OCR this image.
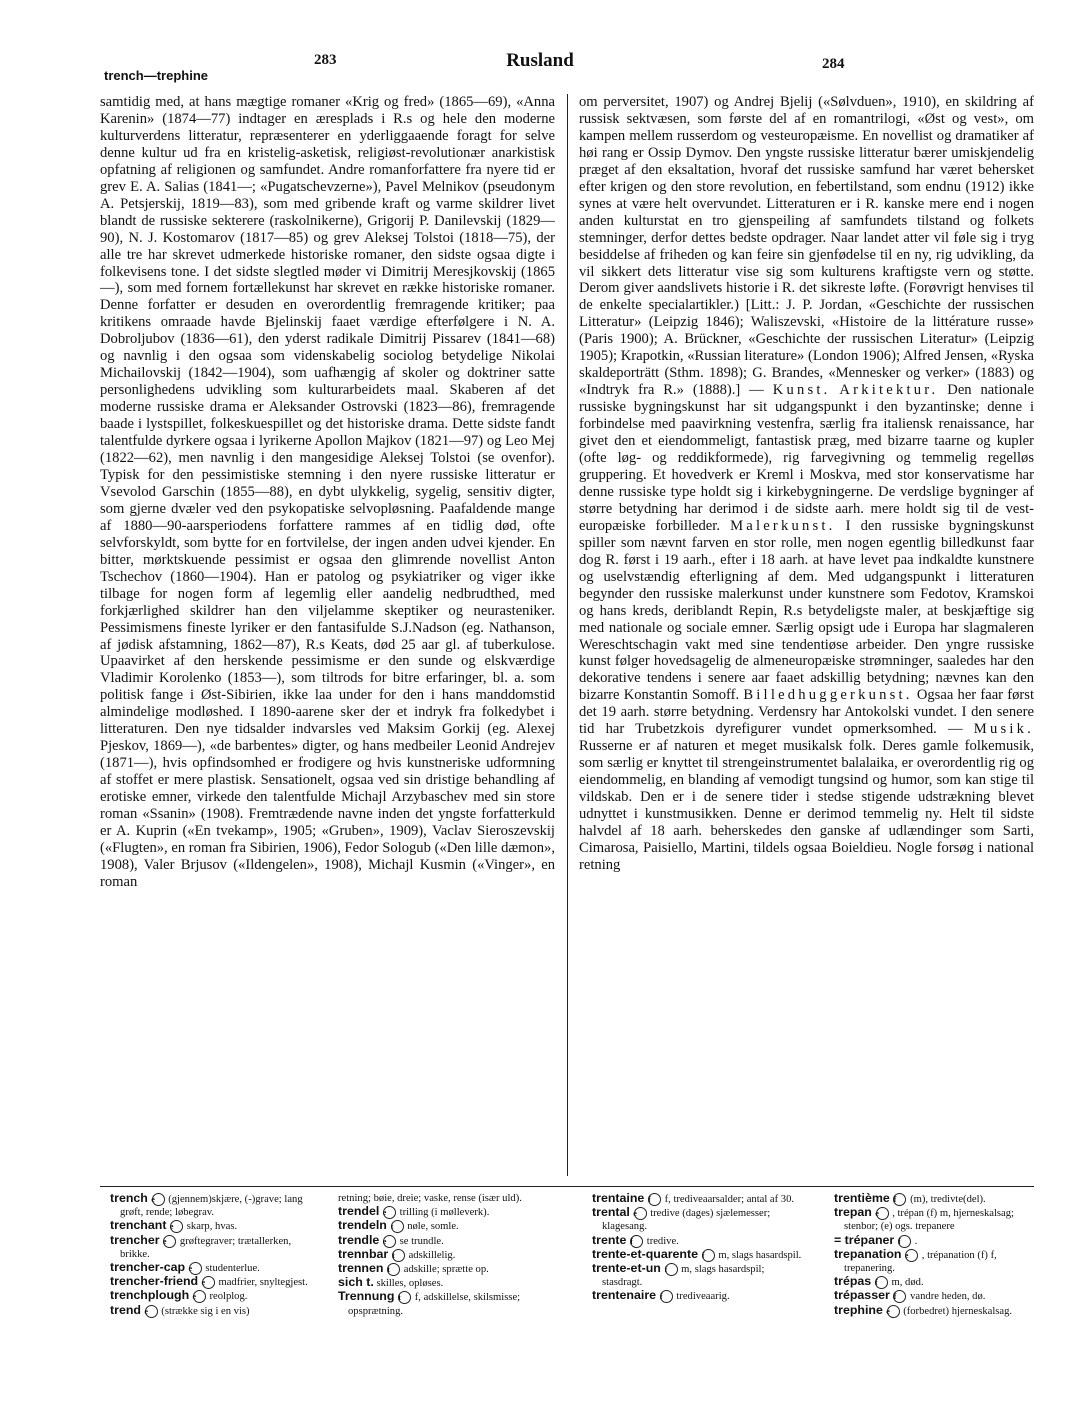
283	Rusland	284
trench—trephine

samtidig med, at hans mægtige romaner «Krig og fred» (1865—69), «Anna Karenin» (1874—77) indtager en æresplads i R.s og hele den moderne kulturverdens litteratur, repræsenterer en yderliggaaende foragt for selve denne kultur ud fra en kristelig-asketisk, religiøst-revolutionær anarkistisk opfatning af religionen og samfundet. Andre romanforfattere fra nyere tid er grev E. A. Salias (1841—; «Pugatschevzerne»), Pavel Melnikov (pseudonym A. Petsjerskij, 1819—83), som med gribende kraft og varme skildrer livet blandt de russiske sekterere (raskolnikerne), Grigorij P. Danilevskij (1829—90), N. J. Kostomarov (1817—85) og grev Aleksej Tolstoi (1818—75), der alle tre har skrevet udmerkede historiske romaner, den sidste ogsaa digte i folkevisens tone. I det sidste slegtled møder vi Dimitrij Meresjkovskij (1865—), som med fornem fortællekunst har skrevet en række historiske romaner. Denne forfatter er desuden en overordentlig fremragende kritiker; paa kritikens omraade havde Bjelinskij faaet værdige efterfølgere i N. A. Dobroljubov (1836—61), den yderst radikale Dimitrij Pissarev (1841—68) og navnlig i den ogsaa som videnskabelig sociolog betydelige Nikolai Michailovskij (1842—1904), som uafhængig af skoler og doktriner satte personlighedens udvikling som kulturarbeidets maal. Skaberen af det moderne russiske drama er Aleksander Ostrovski (1823—86), fremragende baade i lystspillet, folkeskuespillet og det historiske drama. Dette sidste fandt talentfulde dyrkere ogsaa i lyrikerne Apollon Majkov (1821—97) og Leo Mej (1822—62), men navnlig i den mangesidige Aleksej Tolstoi (se ovenfor). Typisk for den pessimistiske stemning i den nyere russiske litteratur er Vsevolod Garschin (1855—88), en dybt ulykkelig, sygelig, sensitiv digter, som gjerne dvæler ved den psykopatiske selvopløsning. Paafaldende mange af 1880—90-aarsperiodens forfattere rammes af en tidlig død, ofte selvforskyldt, som bytte for en fortvilelse, der ingen anden udvei kjender. En bitter, mørktskuende pessimist er ogsaa den glimrende novellist Anton Tschechov (1860—1904). Han er patolog og psykiatriker og viger ikke tilbage for nogen form af legemlig eller aandelig nedbrudthed, med forkjærlighed skildrer han den viljelamme skeptiker og neurasteniker. Pessimismens fineste lyriker er den fantasifulde S.J.Nadson (eg. Nathanson, af jødisk afstamning, 1862—87), R.s Keats, død 25 aar gl. af tuberkulose. Upaavirket af den herskende pessimisme er den sunde og elskværdige Vladimir Korolenko (1853—), som tiltrods for bitre erfaringer, bl. a. som politisk fange i Øst-Sibirien, ikke laa under for den i hans manddomstid almindelige modløshed. I 1890-aarene sker der et indryk fra folkedybet i litteraturen. Den nye tidsalder indvarsles ved Maksim Gorkij (eg. Alexej Pjeskov, 1869—), «de barbentes» digter, og hans medbeiler Leonid Andrejev (1871—), hvis opfindsomhed er frodigere og hvis kunstneriske udformning af stoffet er mere plastisk. Sensationelt, ogsaa ved sin dristige behandling af erotiske emner, virkede den talentfulde Michajl Arzybaschev med sin store roman «Ssanin» (1908). Fremtrædende navne inden det yngste forfatterkuld er A. Kuprin («En tvekamp», 1905; «Gruben», 1909), Vaclav Sieroszevskij («Flugten», en roman fra Sibirien, 1906), Fedor Sologub («Den lille dæmon», 1908), Valer Brjusov («Ildengelen», 1908), Michajl Kusmin («Vinger», en roman

om perversitet, 1907) og Andrej Bjelij («Sølvduen», 1910), en skildring af russisk sektvæsen, som første del af en romantrilogi, «Øst og vest», om kampen mellem russerdom og vesteuropæisme. En novellist og dramatiker af høi rang er Ossip Dymov. Den yngste russiske litteratur bærer umiskjendelig præget af den eksaltation, hvoraf det russiske samfund har været behersket efter krigen og den store revolution, en febertilstand, som endnu (1912) ikke synes at være helt overvundet. Litteraturen er i R. kanske mere end i nogen anden kulturstat en tro gjenspeiling af samfundets tilstand og folkets stemninger, derfor dettes bedste opdrager. Naar landet atter vil føle sig i tryg besiddelse af friheden og kan feire sin gjenfødelse til en ny, rig udvikling, da vil sikkert dets litteratur vise sig som kulturens kraftigste vern og støtte. Derom giver aandslivets historie i R. det sikreste løfte. (Forøvrigt henvises til de enkelte specialartikler.) [Litt.: J. P. Jordan, «Geschichte der russischen Litteratur» (Leipzig 1846); Waliszevski, «Histoire de la littérature russe» (Paris 1900); A. Brückner, «Geschichte der russischen Literatur» (Leipzig 1905); Krapotkin, «Russian literature» (London 1906); Alfred Jensen, «Ryska skaldeporträtt (Sthm. 1898); G. Brandes, «Mennesker og verker» (1883) og «Indtryk fra R.» (1888).] — Kunst. Arkitektur. Den nationale russiske bygningskunst har sit udgangspunkt i den byzantinske; denne i forbindelse med paavirkning vestenfra, særlig fra italiensk renaissance, har givet den et eiendommeligt, fantastisk præg, med bizarre taarne og kupler (ofte løg- og reddikformede), rig farvegivning og temmelig regelløs gruppering. Et hovedverk er Kreml i Moskva, med stor konservatisme har denne russiske type holdt sig i kirkebygningerne. De verdslige bygninger af større betydning har derimod i de sidste aarh. mere holdt sig til de vest-europæiske forbilleder. Malerkunst. I den russiske bygningskunst spiller som nævnt farven en stor rolle, men nogen egentlig billedkunst faar dog R. først i 19 aarh., efter i 18 aarh. at have levet paa indkaldte kunstnere og uselvstændig efterligning af dem. Med udgangspunkt i litteraturen begynder den russiske malerkunst under kunstnere som Fedotov, Kramskoi og hans kreds, deriblandt Repin, R.s betydeligste maler, at beskjæftige sig med nationale og sociale emner. Særlig opsigt ude i Europa har slagmaleren Wereschtschagin vakt med sine tendentiøse arbeider. Den yngre russiske kunst følger hovedsagelig de almeneuropæiske strømninger, saaledes har den dekorative tendens i senere aar faaet adskillig betydning; nævnes kan den bizarre Konstantin Somoff. Billedhuggerkunst. Ogsaa her faar først det 19 aarh. større betydning. Verdensry har Antokolski vundet. I den senere tid har Trubetzkois dyrefigurer vundet opmerksomhed. — Musik. Russerne er af naturen et meget musikalsk folk. Deres gamle folkemusik, som særlig er knyttet til strengeinstrumentet balalaika, er overordentlig rig og eiendommelig, en blanding af vemodigt tungsind og humor, som kan stige til vildskab. Den er i de senere tider i stedse stigende udstrækning blevet udnyttet i kunstmusikken. Denne er derimod temmelig ny. Helt til sidste halvdel af 18 aarh. beherskedes den ganske af udlændinger som Sarti, Cimarosa, Paisiello, Martini, tildels ogsaa Boieldieu. Nogle forsøg i national retning

trench e (gjennem)skjære, (-)grave; lang grøft, rende; løbegrav.
trenchant e skarp, hvas.
trencher e grøftegraver; trætallerken, brikke.
trencher-cap e studenterlue.
trencher-friend e madfrier, snyltegjest.
trenchplough e reolplog.
trend e (strække sig i en vis)
retning; bøie, dreie; vaske, rense (især uld).
trendel e trilling (i mølleverk).
trendeln t nøle, somle.
trendle e se trundle.
trennbar t adskillelig.
trennen t adskille; sprætte op.
sich t. skilles, opløses.
Trennung t f, adskillelse, skilsmisse; opsprætning.
trentaine f f, trediveaarsalder; antal af 30.
trental e tredive (dages) sjælemesser; klagesang.
trente f tredive.
trente-et-quarente f m, slags hasardspil.
trente-et-un f m, slags hasardspil; stasdragt.
trentenaire f trediveaarig.
trentième f (m), tredivte(del).
trepan e , trépan (f) m, hjerneskalsag; stenbor; (e) ogs. trepanere
= trépaner f .
trepanation e , trépanation (f) f, trepanering.
trépas f m, død.
trépasser f vandre heden, dø.
trephine e (forbedret) hjerneskalsag.
